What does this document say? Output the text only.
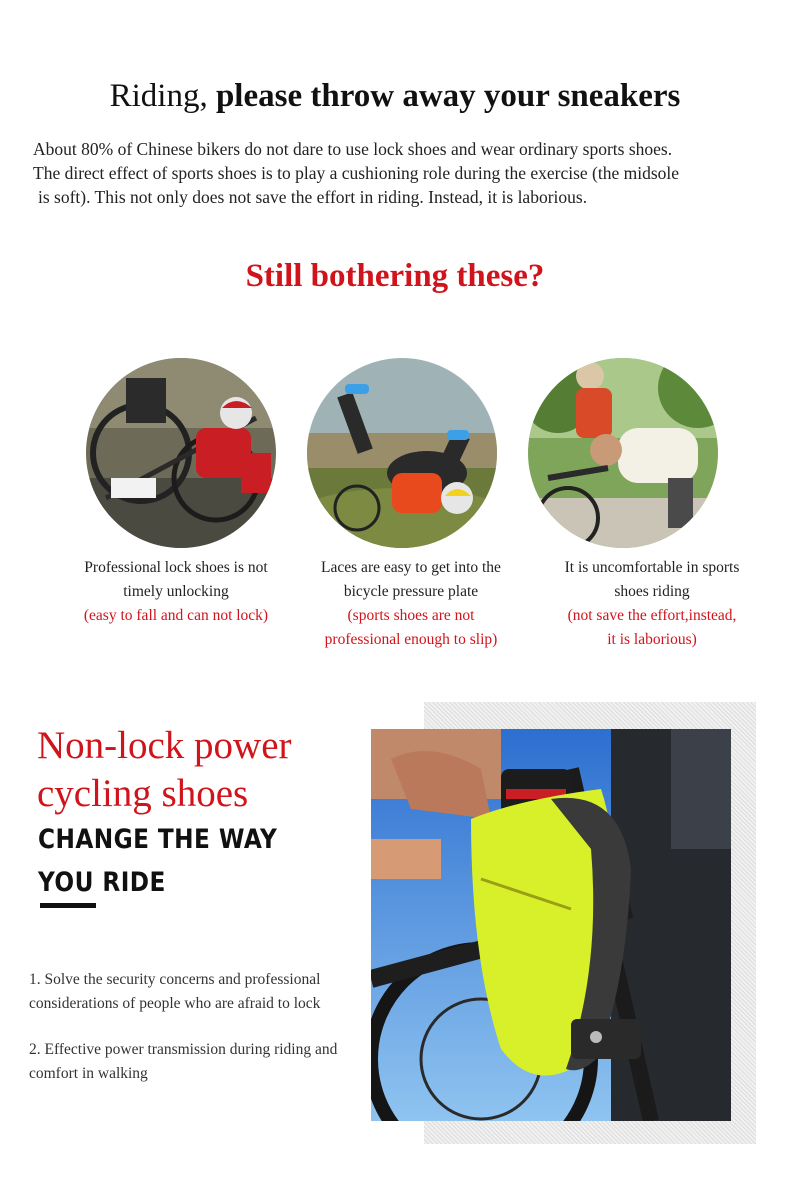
Riding, please throw away your sneakers

About 80% of Chinese bikers do not dare to use lock shoes and wear ordinary sports shoes.

The direct effect of sports shoes is to play a cushioning role during the exercise (the midsole

is soft). This not only does not save the effort in riding. Instead, it is laborious.

Still bothering these?
Professional lock shoes is not
timely unlocking
(easy to fall and can not lock)
Laces are easy to get into the
bicycle pressure plate
(sports shoes are not
professional enough to slip)
It is uncomfortable in sports
shoes riding
(not save the effort,instead,
it is laborious)
Non-lock power
cycling shoes
CHANGE THE WAY
YOU RIDE

1. Solve the security concerns and professional considerations of people who are afraid to lock

2. Effective power transmission during riding and comfort in walking
